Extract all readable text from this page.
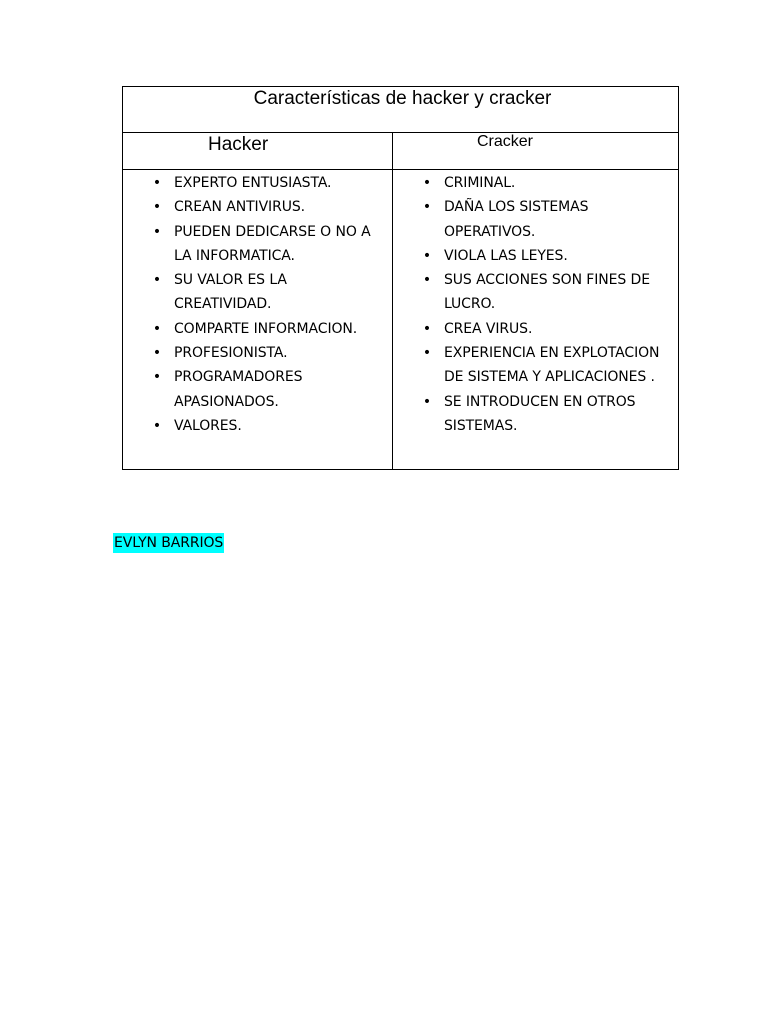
Características de hacker y cracker
Hacker	Cracker
• EXPERTO ENTUSIASTA.
• CREAN ANTIVIRUS.
• PUEDEN DEDICARSE O NO A
LA INFORMATICA.
• SU VALOR ES LA
CREATIVIDAD.
• COMPARTE INFORMACION.
• PROFESIONISTA.
• PROGRAMADORES
APASIONADOS.
• VALORES.
• CRIMINAL.
• DAÑA LOS SISTEMAS
OPERATIVOS.
• VIOLA LAS LEYES.
• SUS ACCIONES SON FINES DE
LUCRO.
• CREA VIRUS.
• EXPERIENCIA EN EXPLOTACION
DE SISTEMA Y APLICACIONES .
• SE INTRODUCEN EN OTROS
SISTEMAS.
EVLYN BARRIOS
